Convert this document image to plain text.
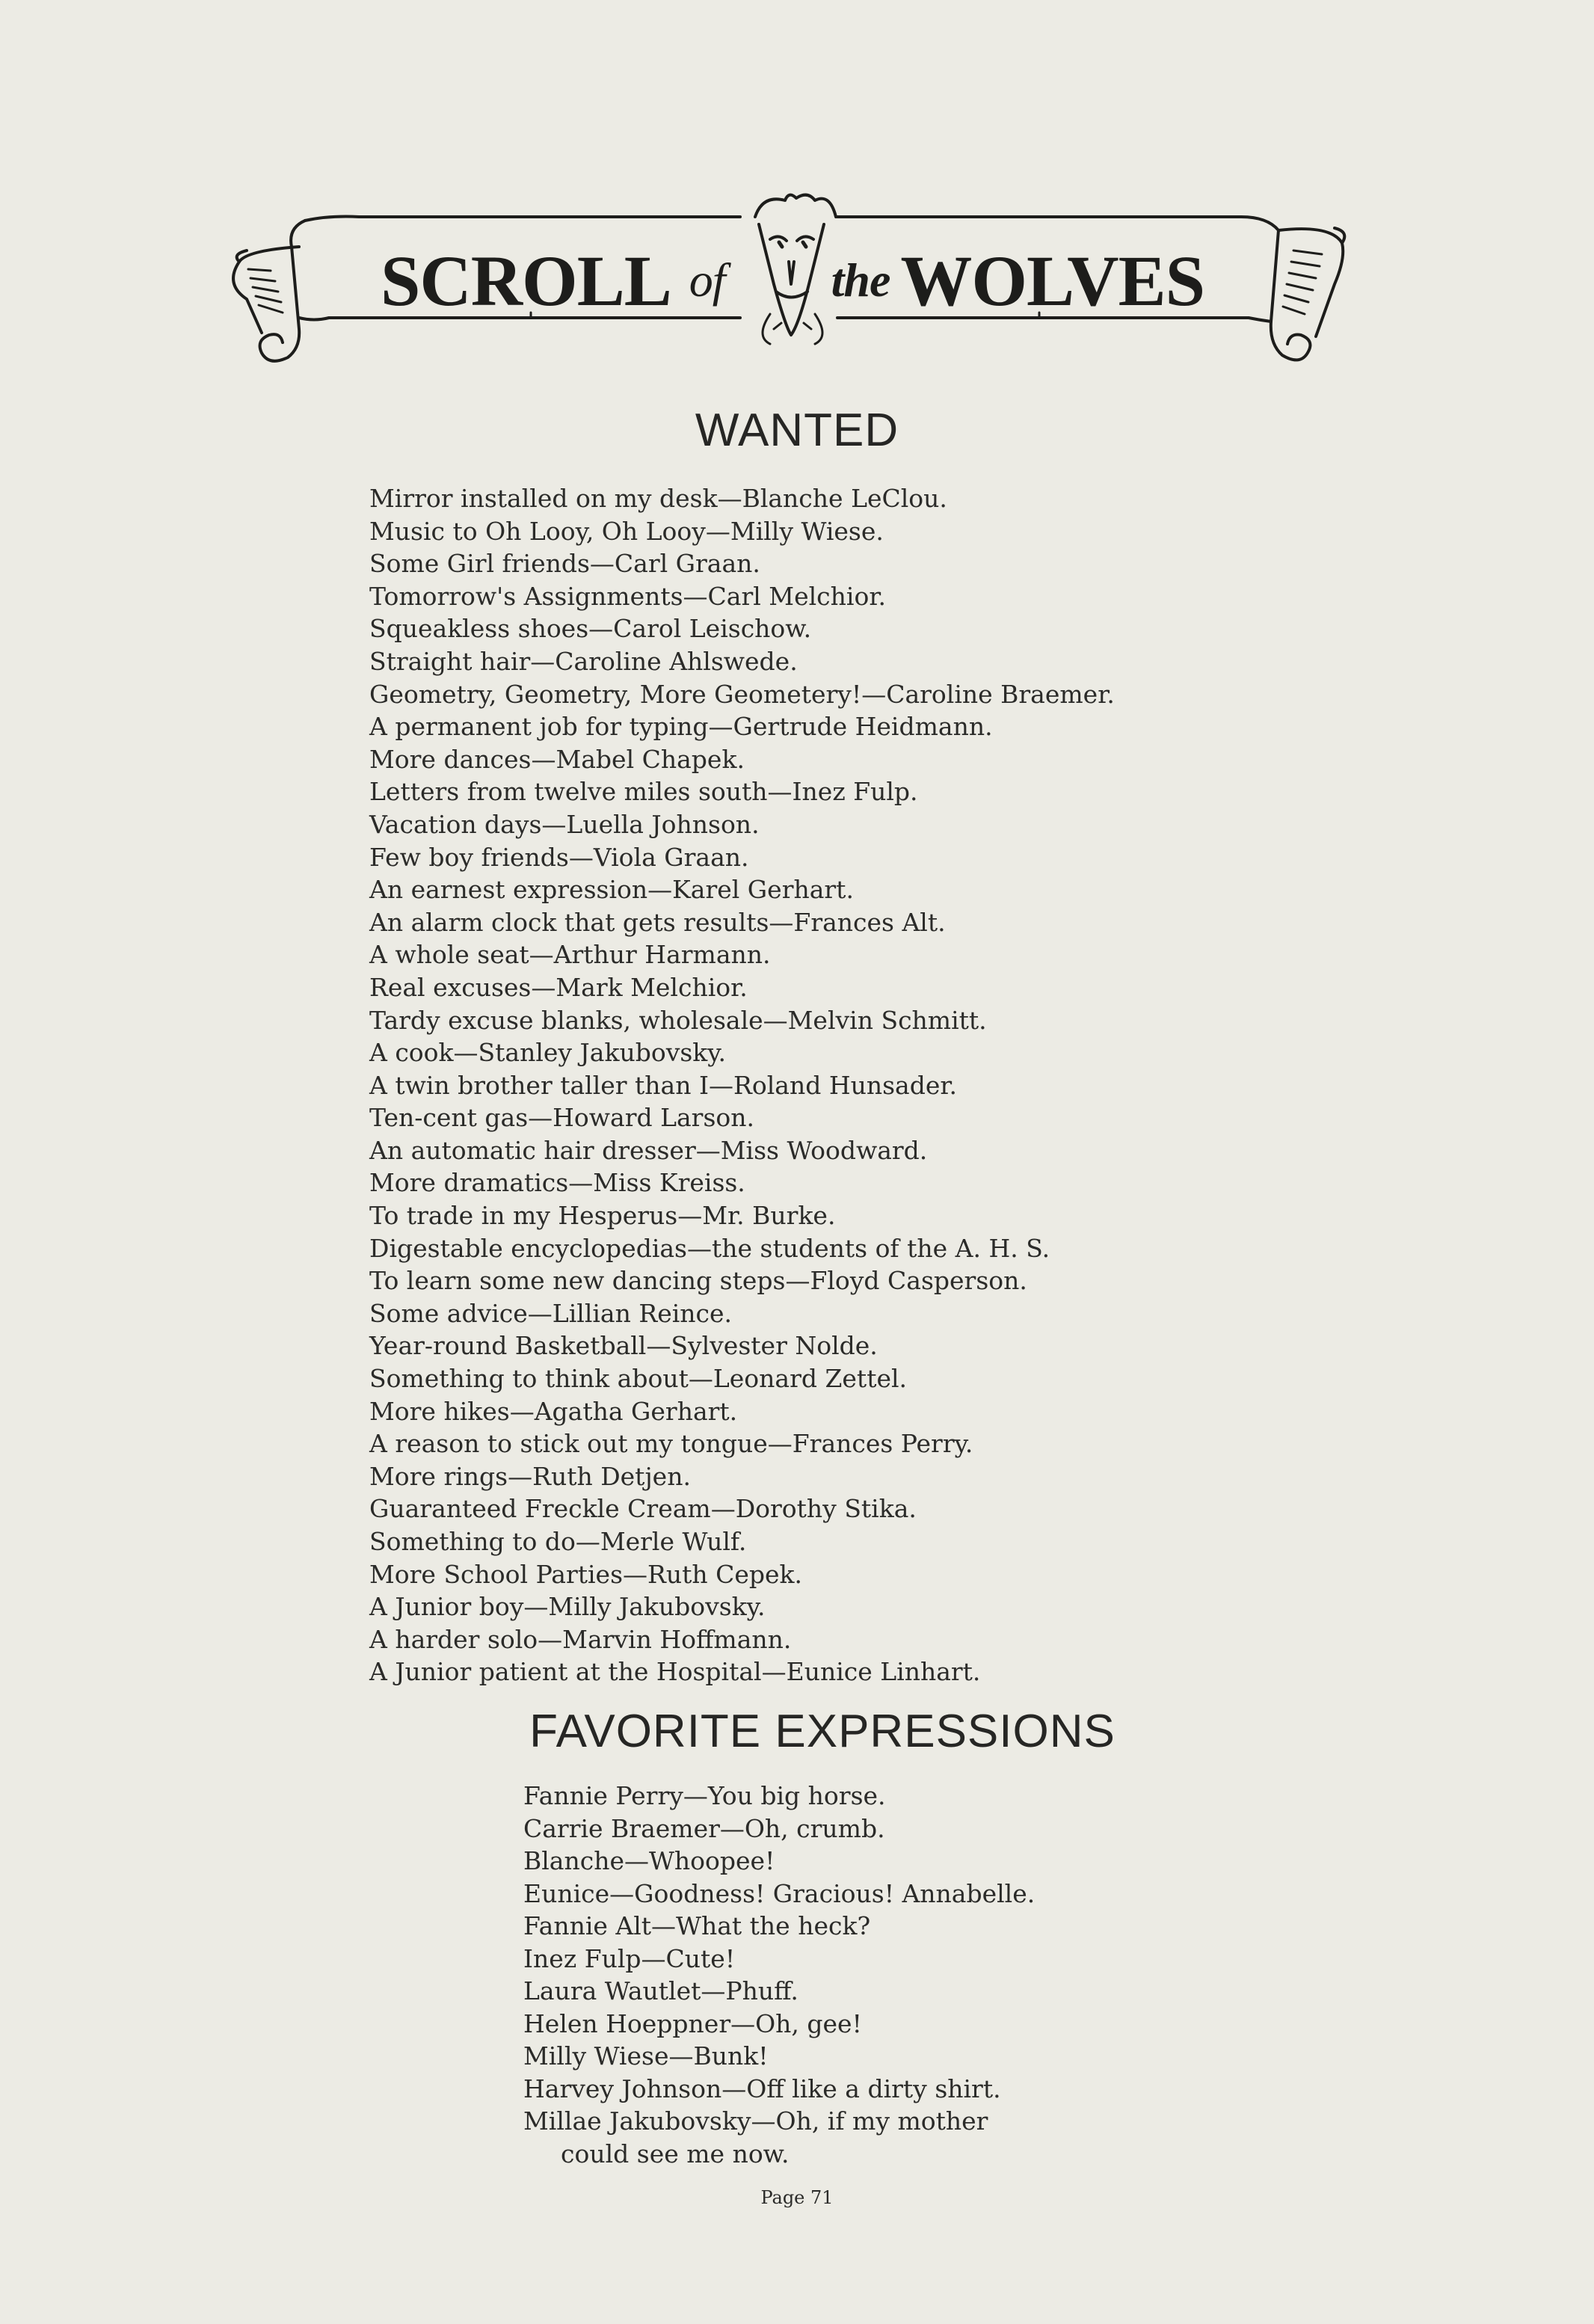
SCROLL of the WOLVES
WANTED
Mirror installed on my desk—Blanche LeClou.
Music to Oh Looy, Oh Looy—Milly Wiese.
Some Girl friends—Carl Graan.
Tomorrow's Assignments—Carl Melchior.
Squeakless shoes—Carol Leischow.
Straight hair—Caroline Ahlswede.
Geometry, Geometry, More Geometery!—Caroline Braemer.
A permanent job for typing—Gertrude Heidmann.
More dances—Mabel Chapek.
Letters from twelve miles south—Inez Fulp.
Vacation days—Luella Johnson.
Few boy friends—Viola Graan.
An earnest expression—Karel Gerhart.
An alarm clock that gets results—Frances Alt.
A whole seat—Arthur Harmann.
Real excuses—Mark Melchior.
Tardy excuse blanks, wholesale—Melvin Schmitt.
A cook—Stanley Jakubovsky.
A twin brother taller than I—Roland Hunsader.
Ten-cent gas—Howard Larson.
An automatic hair dresser—Miss Woodward.
More dramatics—Miss Kreiss.
To trade in my Hesperus—Mr. Burke.
Digestable encyclopedias—the students of the A. H. S.
To learn some new dancing steps—Floyd Casperson.
Some advice—Lillian Reince.
Year-round Basketball—Sylvester Nolde.
Something to think about—Leonard Zettel.
More hikes—Agatha Gerhart.
A reason to stick out my tongue—Frances Perry.
More rings—Ruth Detjen.
Guaranteed Freckle Cream—Dorothy Stika.
Something to do—Merle Wulf.
More School Parties—Ruth Cepek.
A Junior boy—Milly Jakubovsky.
A harder solo—Marvin Hoffmann.
A Junior patient at the Hospital—Eunice Linhart.
FAVORITE EXPRESSIONS
Fannie Perry—You big horse.
Carrie Braemer—Oh, crumb.
Blanche—Whoopee!
Eunice—Goodness! Gracious! Annabelle.
Fannie Alt—What the heck?
Inez Fulp—Cute!
Laura Wautlet—Phuff.
Helen Hoeppner—Oh, gee!
Milly Wiese—Bunk!
Harvey Johnson—Off like a dirty shirt.
Millae Jakubovsky—Oh, if my mother
could see me now.
Page 71
